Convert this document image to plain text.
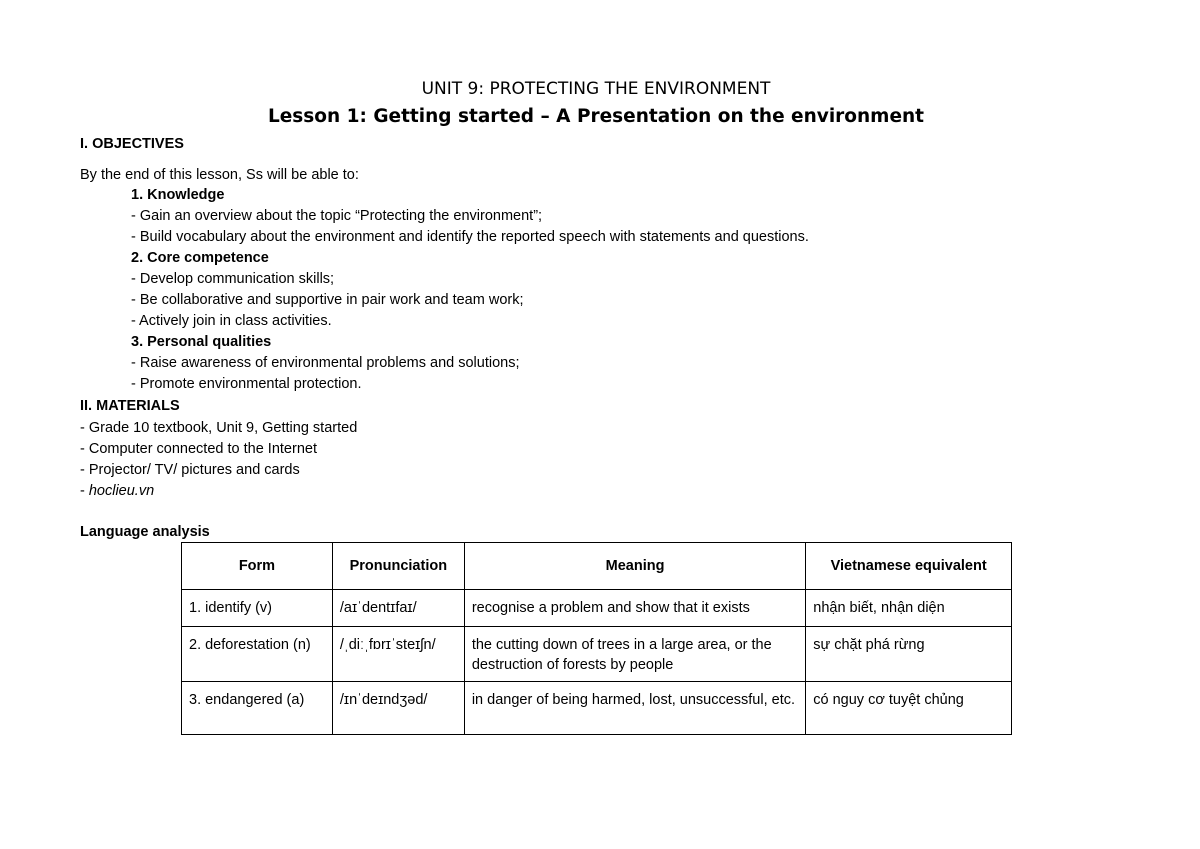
UNIT 9: PROTECTING THE ENVIRONMENT
Lesson 1: Getting started – A Presentation on the environment
I. OBJECTIVES
By the end of this lesson, Ss will be able to:
1. Knowledge
- Gain an overview about the topic “Protecting the environment”;
- Build vocabulary about the environment and identify the reported speech with statements and questions.
2. Core competence
- Develop communication skills;
- Be collaborative and supportive in pair work and team work;
- Actively join in class activities.
3. Personal qualities
- Raise awareness of environmental problems and solutions;
- Promote environmental protection.
II. MATERIALS
- Grade 10 textbook, Unit 9, Getting started
- Computer connected to the Internet
- Projector/ TV/ pictures and cards
- hoclieu.vn
Language analysis
Form	Pronunciation	Meaning	Vietnamese equivalent
1. identify (v)	/aɪˈdentɪfaɪ/	recognise a problem and show that it exists	nhận biết, nhận diện
2. deforestation (n)	/ˌdiːˌfɒrɪˈsteɪʃn/	the cutting down of trees in a large area, or the destruction of forests by people	sự chặt phá rừng
3. endangered (a)	/ɪnˈdeɪndʒəd/	in danger of being harmed, lost, unsuccessful, etc.	có nguy cơ tuyệt chủng
